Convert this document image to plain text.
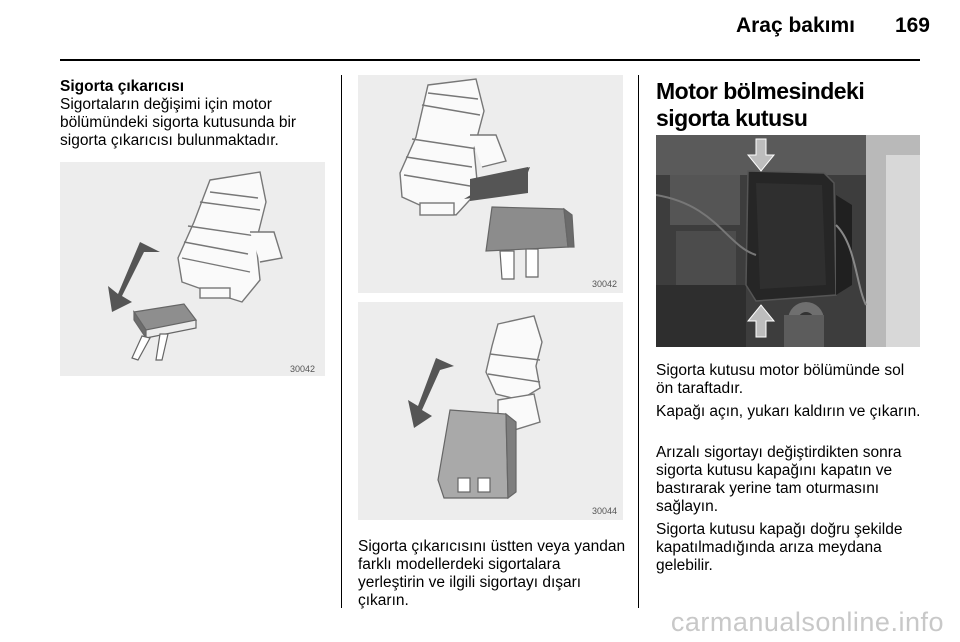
Araç bakımı	169
Sigorta çıkarıcısı
Sigortaların değişimi için motor bölümündeki sigorta kutusunda bir sigorta çıkarıcısı bulunmaktadır.
30042
30042
30044
Sigorta çıkarıcısını üstten veya yandan farklı modellerdeki sigortalara yerleştirin ve ilgili sigortayı dışarı çıkarın.
Motor bölmesindeki sigorta kutusu
Sigorta kutusu motor bölümünde sol ön taraftadır.
Kapağı açın, yukarı kaldırın ve çıkarın.
Arızalı sigortayı değiştirdikten sonra sigorta kutusu kapağını kapatın ve bastırarak yerine tam oturmasını sağlayın.
Sigorta kutusu kapağı doğru şekilde kapatılmadığında arıza meydana gelebilir.
carmanualsonline.info
